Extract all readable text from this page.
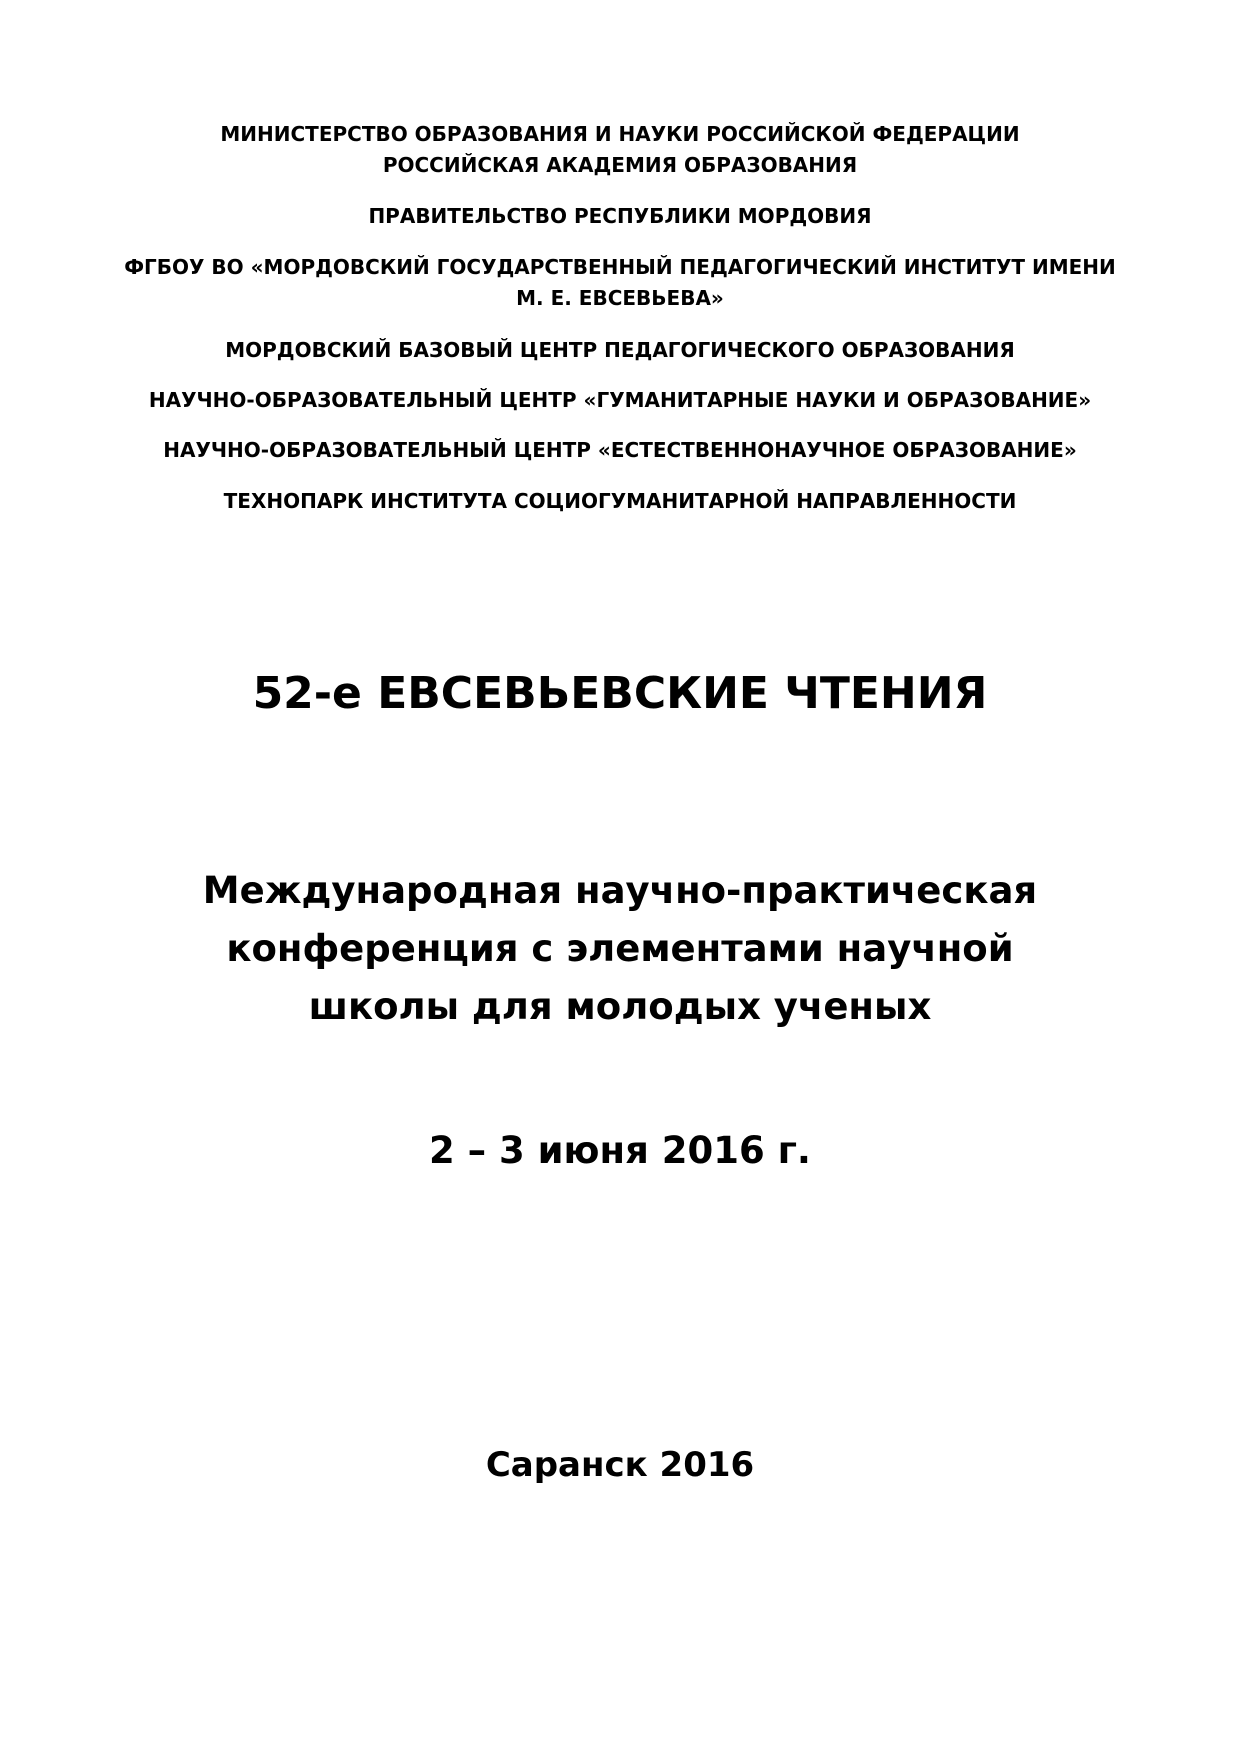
МИНИСТЕРСТВО ОБРАЗОВАНИЯ И НАУКИ РОССИЙСКОЙ ФЕДЕРАЦИИ
РОССИЙСКАЯ АКАДЕМИЯ ОБРАЗОВАНИЯ
ПРАВИТЕЛЬСТВО РЕСПУБЛИКИ МОРДОВИЯ
ФГБОУ ВО «МОРДОВСКИЙ ГОСУДАРСТВЕННЫЙ ПЕДАГОГИЧЕСКИЙ ИНСТИТУТ ИМЕНИ
М. Е. ЕВСЕВЬЕВА»
МОРДОВСКИЙ БАЗОВЫЙ ЦЕНТР ПЕДАГОГИЧЕСКОГО ОБРАЗОВАНИЯ
НАУЧНО-ОБРАЗОВАТЕЛЬНЫЙ ЦЕНТР «ГУМАНИТАРНЫЕ НАУКИ И ОБРАЗОВАНИЕ»
НАУЧНО-ОБРАЗОВАТЕЛЬНЫЙ ЦЕНТР «ЕСТЕСТВЕННОНАУЧНОЕ ОБРАЗОВАНИЕ»
ТЕХНОПАРК ИНСТИТУТА СОЦИОГУМАНИТАРНОЙ НАПРАВЛЕННОСТИ
52-е ЕВСЕВЬЕВСКИЕ ЧТЕНИЯ
Международная научно-практическая
конференция с элементами научной
школы для молодых ученых
2 – 3 июня 2016 г.
Саранск 2016
